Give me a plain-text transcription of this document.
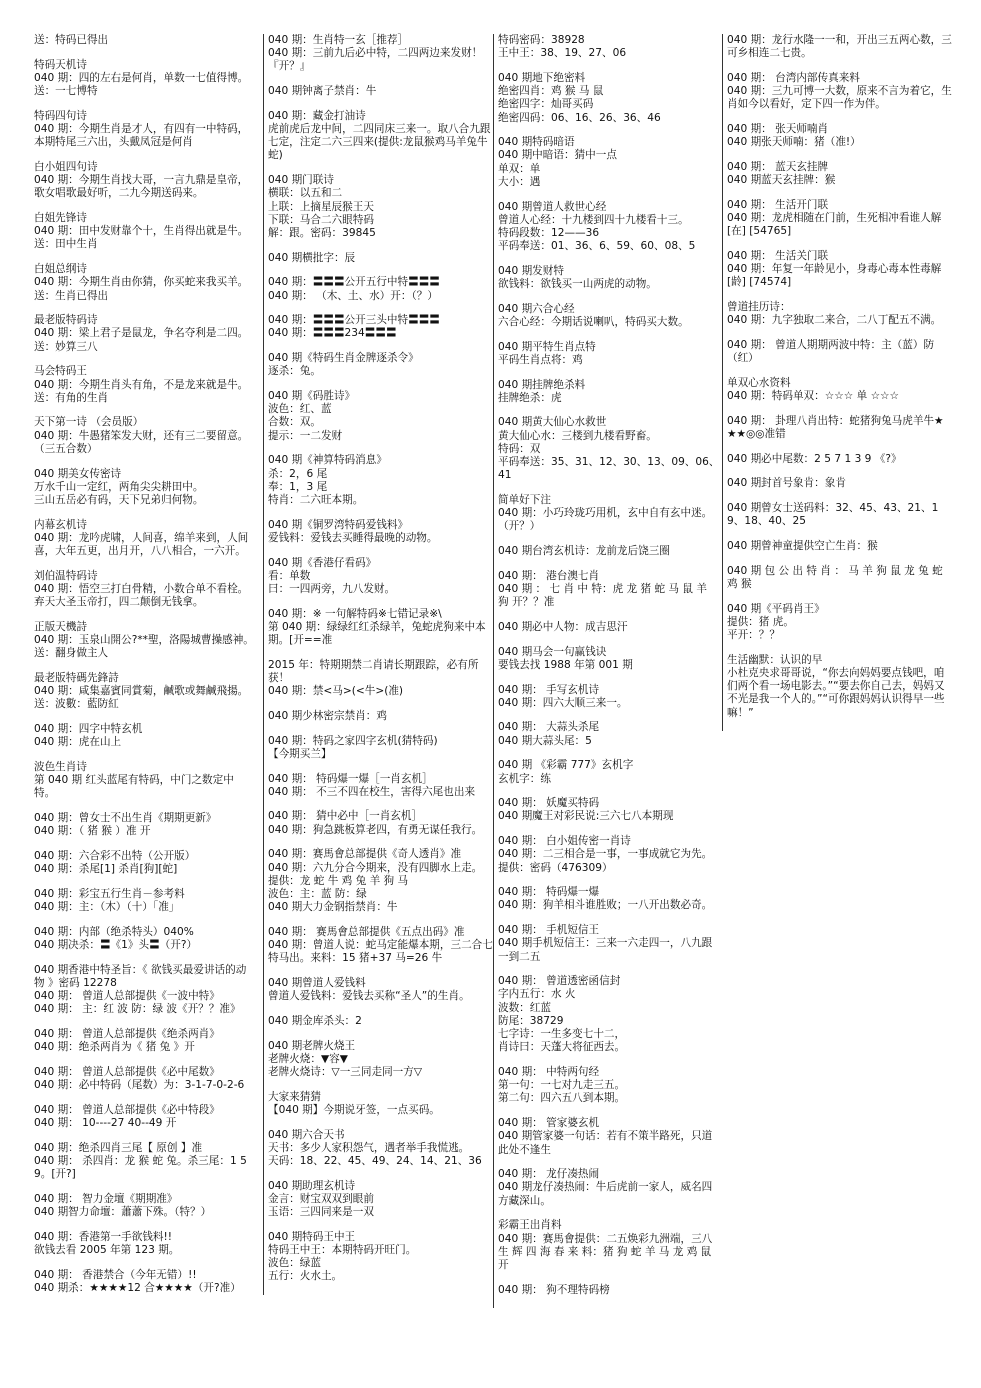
送：特码已得出
特码天机诗
040 期：四的左右是何肖，单数一七值得博。
送：一七博特
特码四句诗
040 期：今期生肖是才人，有四有一中特码，本期特尾三六出，头戴凤冠是何肖
白小姐四句诗
040 期：今期生肖找大哥，一言九鼎是皇帝，歌女唱歌最好听，二九今期送码来。
白姐先锋诗
040 期：田中发财靠个十，生肖得出就是牛。
送：田中生肖
白姐总纲诗
040 期：今期生肖由你猜，你买蛇来我买羊。
送：生肖已得出
最老版特码诗
040 期：梁上君子是鼠龙，争名夺利是二四。
送：妙算三八
马会特码王
040 期：今期生肖头有角，不是龙来就是牛。
送：有角的生肖
天下第一诗 （会员版）
040 期：牛愚猪笨发大财，还有三二要留意。（三五合数）
040 期美女传密诗
万水千山一定红，两角尖尖耕田中。
三山五岳必有码，天下兄弟归何物。
内幕玄机诗
040 期：龙吟虎啸，人间喜，绵羊来到，人间喜，大年五更，出月开，八八相合，一六开。
刘伯温特码诗
040 期：悟空三打白骨精，小数合单不看栓。弃天大圣玉帝打，四二颠倒无钱拿。
正版天機詩
040 期：玉泉山開公?**聖，洛陽城曹操感神。 送：翻身做主人
最老版特碼先鋒詩
040 期：咸集嘉賓同賞菊，鹹歌或舞鹹飛揚。 送：波數：藍防紅
040 期：四字中特玄机
040 期：虎在山上
波色生肖诗
第 040 期 红头蓝尾有特码，中门之数定中特。
040 期：曾女士不出生肖《期期更新》
040 期：（ 猪 猴 ）准 开
040 期：六合彩不出特（公开版）
040 期：杀尾[1] 杀肖[狗][蛇]
040 期：彩宝五行生肖－参考料
040 期：主：（木）（十）「准」
040 期：内部（绝杀特头）040%
040 期决杀：〓《1》头〓（开?）
040 期香港中特圣旨：《 欲钱买最爱讲话的动物 》密码 12278
040 期： 曾道人总部提供《一波中特》
040 期： 主：红 波 防：绿 波《开？？准》
040 期： 曾道人总部提供《绝杀两肖》
040 期：绝杀两肖为《 猪 兔 》开
040 期： 曾道人总部提供《必中尾数》
040 期：必中特码（尾数）为：3-1-7-0-2-6
040 期： 曾道人总部提供《必中特段》
040 期： 10----27 40--49 开
040 期：绝杀四肖三尾【 原创 】准
040 期： 杀四肖：龙 猴 蛇 兔。杀三尾：1 5 9。[开?]
040 期： 智力金壇《期期准》
040 期智力命壇：蕭蕭下殊。（特？）
040 期：香港第一手欲钱料!!
欲钱去看 2005 年第 123 期。
040 期： 香港禁合（今年无错）!!
040 期杀：★★★★12 合★★★★（开?准）
040 期：生肖特一玄［推荐］
040 期：三前九后必中特，二四两边来发财！『开？』
040 期钟离子禁肖：牛
040 期：藏金打油诗
虎前虎后龙中间，二四同床三来一。取八合九跟七定，注定二六三四来(提供:龙鼠猴鸡马羊兔牛蛇)
040 期门联诗
横联：以五和二
上联：上摘星辰猴王天
下联：马合二六眼特码
解：跟。密码：39845
040 期横批字：辰
040 期：〓〓〓公开五行中特〓〓〓
040 期： （木、土、水）开：（？）
040 期：〓〓〓公开三头中特〓〓〓
040 期：〓〓〓234〓〓〓
040 期《特码生肖金牌逐杀令》
逐杀：兔。
040 期《码胜诗》
波色：红、蓝
合数：双。
提示：一二发财
040 期《神算特码消息》
杀：2，6 尾
奉：1，3 尾
特肖：二六旺本期。
040 期《铜罗湾特码爱钱料》
爱钱料：爱钱去买睡得最晚的动物。
040 期《香港仔看码》
看：单数
曰：一四两旁，九八发财。
040 期：※ 一句解特码※七错记录※\
第 040 期：绿绿红红杀绿羊，兔蛇虎狗来中本期。[开==准
2015 年：特期期禁二肖请长期跟踪，必有所获！
040 期：禁<马>(<牛>(准)
040 期少林密宗禁肖：鸡
040 期：特码之家四字玄机(猜特码)
【今期买兰】
040 期： 特码爆一爆［一肖玄机］
040 期： 不三不四在校生，害得六尾也出来
040 期： 猜中必中［一肖玄机］
040 期：狗急跳板算老四，有勇无谋任我行。
040 期：赛馬會总部提供《奇人透肖》准
040 期：六九分合今期来，没有四脚水上走。
提供：龙 蛇 牛 鸡 兔 羊 狗 马
波色：主：蓝 防：绿
040 期大力金钢指禁肖：牛
040 期： 赛馬會总部提供《五点出码》准
040 期：曾道人说：蛇马定能爆本期，三二合七特马出。来料：15 猪+37 马=26 牛
040 期曾道人爱钱料
曾道人爱钱料：爱钱去买称“圣人”的生肖。
040 期金库杀头：2
040 期老牌火烧王
老牌火烧：▼容▼
老牌火烧诗：▽一三同走同一方▽
大家来猜猜
【040 期】今期说牙签，一点买码。
040 期六合天书
天书：多少人家积怨气，遇者举手我慌逃。
天码：18、22、45、49、24、14、21、36
040 期助理玄机诗
金言：财宝双双到眼前
玉语：三四同来是一双
040 期特码王中王
特码王中王：本期特码开旺门。
波色：绿蓝
五行：火水土。
特码密码：38928
王中王：38、19、27、06
040 期地下绝密料
绝密四肖：鸡 猴 马 鼠
绝密四字：灿哥买码
绝密四码：06、16、26、36、46
040 期特码暗语
040 期中暗语：猜中一点
单双：单
大小：遇
040 期曾道人救世心经
曾道人心经：十九楼到四十九楼看十三。
特码段数：12——36
平码奉送：01、36、6、59、60、08、5
040 期发财特
欲钱料：欲钱买一山两虎的动物。
040 期六合心经
六合心经：今期话说喇叭，特码买大数。
040 期平特生肖点特
平码生肖点将：鸡
040 期挂牌绝杀料
挂牌绝杀：虎
040 期黄大仙心水救世
黄大仙心水：三楼到九楼看野畜。
特码：双
平码奉送：35、31、12、30、13、09、06、41
简单好下注
040 期：小巧玲珑巧用机，玄中自有玄中迷。（开？）
040 期台湾玄机诗：龙前龙后饶三圈
040 期： 港台澳七肖
040 期 ： 七 肖 中 特：虎 龙 猪 蛇 马 鼠 羊 狗 开？？准
040 期必中人物：成吉思汗
040 期马会一句赢钱诀
要钱去找 1988 年第 001 期
040 期： 手写玄机诗
040 期：四六大顺三来一。
040 期： 大蒜头杀尾
040 期大蒜头尾：5
040 期 《彩霸 777》玄机字
玄机字：练
040 期： 妖魔买特码
040 期魔王对彩民说:三六七八本期现
040 期： 白小姐传密一肖诗
040 期：二三相合是一事，一事成就它为先。
提供：密码（476309）
040 期： 特码爆一爆
040 期：狗羊相斗谁胜败；一八开出数必奇。
040 期： 手机短信王
040 期手机短信王：三来一六走四一，八九跟一到二五
040 期： 曾道透密函信封
字内五行：水 火
波数：红蓝
防尾：38729
七字诗：一生多变七十二，
肖诗曰：天蓬大将征西去。
040 期： 中特两句经
第一句：一七对九走三五。
第二句：四六五八到本期。
040 期： 管家婆玄机
040 期管家婆一句话：若有不策半路死，只道此处不逢生
040 期： 龙仔凑热闹
040 期龙仔凑热闹：牛后虎前一家人，威名四方藏深山。
彩霸王出肖料
040 期：赛馬會提供：二五焕彩九洲端，三八 生 辉 四 海 春 来 料：猪 狗 蛇 羊 马 龙 鸡 鼠 开
040 期： 狗不理特码榜
040 期：龙行水隆一一和，开出三五两心数，三可乡相连二七贵。
040 期： 台湾内部传真来料
040 期：三九可博一大数，原来不言为着它，生肖如今以看好，定下四一作为伴。
040 期： 张天师喃肖
040 期张天师喃：猪（准!）
040 期： 蓝天玄挂牌
040 期蓝天玄挂牌：猴
040 期： 生活开门联
040 期：龙虎相随在门前，生死相冲看谁人解 [在] [54765]
040 期： 生活关门联
040 期：年复一年龄见小，身毒心毒本性毒解 [龄] [74574]
曾道挂历诗：
040 期：九字独取二来合，二八丁配五不满。
040 期： 曾道人期期两波中特：主（蓝）防（红）
单双心水资料
040 期：特码单双：☆☆☆ 单 ☆☆☆
040 期： 卦理八肖出特：蛇猪狗兔马虎羊牛★★★◎◎准错
040 期必中尾数：2 5 7 1 3 9 《?》
040 期封首号象肯：象肯
040 期曾女士送码料：32、45、43、21、19、18、40、25
040 期曾神童提供空亡生肖：猴
040 期 包 公 出 特 肖 ： 马 羊 狗 鼠 龙 兔 蛇 鸡 猴
040 期《平码肖王》
提供：猪 虎。
平开：？？
生活幽默：认识的早
小杜克央求哥哥说，“你去向妈妈要点钱吧，咱们两个看一场电影去。”“要去你自己去，妈妈又不光是我一个人的。”“可你跟妈妈认识得早一些嘛！”
